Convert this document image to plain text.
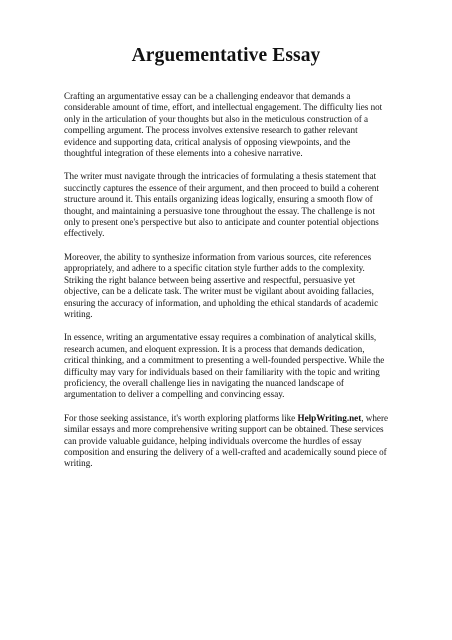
Arguementative Essay

Crafting an argumentative essay can be a challenging endeavor that demands a considerable amount of time, effort, and intellectual engagement. The difficulty lies not only in the articulation of your thoughts but also in the meticulous construction of a compelling argument. The process involves extensive research to gather relevant evidence and supporting data, critical analysis of opposing viewpoints, and the thoughtful integration of these elements into a cohesive narrative.

The writer must navigate through the intricacies of formulating a thesis statement that succinctly captures the essence of their argument, and then proceed to build a coherent structure around it. This entails organizing ideas logically, ensuring a smooth flow of thought, and maintaining a persuasive tone throughout the essay. The challenge is not only to present one's perspective but also to anticipate and counter potential objections effectively.

Moreover, the ability to synthesize information from various sources, cite references appropriately, and adhere to a specific citation style further adds to the complexity. Striking the right balance between being assertive and respectful, persuasive yet objective, can be a delicate task. The writer must be vigilant about avoiding fallacies, ensuring the accuracy of information, and upholding the ethical standards of academic writing.

In essence, writing an argumentative essay requires a combination of analytical skills, research acumen, and eloquent expression. It is a process that demands dedication, critical thinking, and a commitment to presenting a well-founded perspective. While the difficulty may vary for individuals based on their familiarity with the topic and writing proficiency, the overall challenge lies in navigating the nuanced landscape of argumentation to deliver a compelling and convincing essay.

For those seeking assistance, it's worth exploring platforms like HelpWriting.net, where similar essays and more comprehensive writing support can be obtained. These services can provide valuable guidance, helping individuals overcome the hurdles of essay composition and ensuring the delivery of a well-crafted and academically sound piece of writing.
